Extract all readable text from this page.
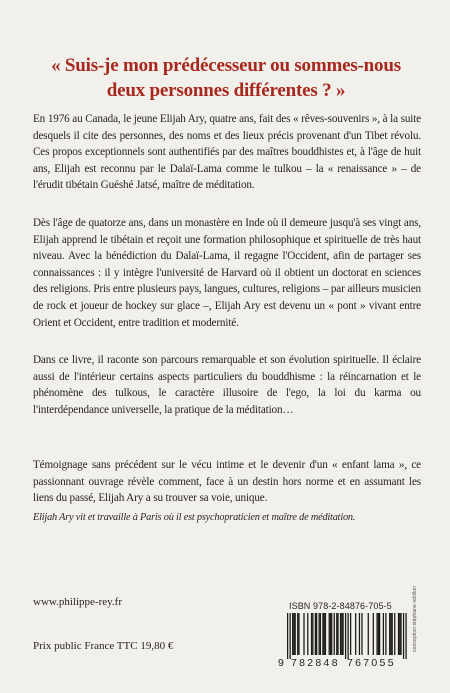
« Suis-je mon prédécesseur ou sommes-nous
deux personnes différentes ? »

En 1976 au Canada, le jeune Elijah Ary, quatre ans, fait des « rêves-souvenirs », à la suite desquels il cite des personnes, des noms et des lieux précis provenant d'un Tibet révolu. Ces propos exceptionnels sont authentifiés par des maîtres bouddhistes et, à l'âge de huit ans, Elijah est reconnu par le Dalaï-Lama comme le tulkou – la « renaissance » – de l'érudit tibétain Guéshé Jatsé, maître de méditation.

Dès l'âge de quatorze ans, dans un monastère en Inde où il demeure jusqu'à ses vingt ans, Elijah apprend le tibétain et reçoit une formation philosophique et spirituelle de très haut niveau. Avec la bénédiction du Dalaï-Lama, il regagne l'Occident, afin de partager ses connaissances : il y intègre l'université de Harvard où il obtient un doctorat en sciences des religions. Pris entre plusieurs pays, langues, cultures, religions – par ailleurs musicien de rock et joueur de hockey sur glace –, Elijah Ary est devenu un « pont » vivant entre Orient et Occident, entre tradition et modernité.

Dans ce livre, il raconte son parcours remarquable et son évolution spirituelle. Il éclaire aussi de l'intérieur certains aspects particuliers du bouddhisme : la réincarnation et le phénomène des tulkous, le caractère illusoire de l'ego, la loi du karma ou l'interdépendance universelle, la pratique de la méditation…

Témoignage sans précédent sur le vécu intime et le devenir d'un « enfant lama », ce passionnant ouvrage révèle comment, face à un destin hors norme et en assumant les liens du passé, Elijah Ary a su trouver sa voie, unique.

Elijah Ary vit et travaille à Paris où il est psychopraticien et maître de méditation.

www.philippe-rey.fr
Prix public France TTC 19,80 €
ISBN 978-2-84876-705-5
9 782848 767055
conception stéphane rebillon
